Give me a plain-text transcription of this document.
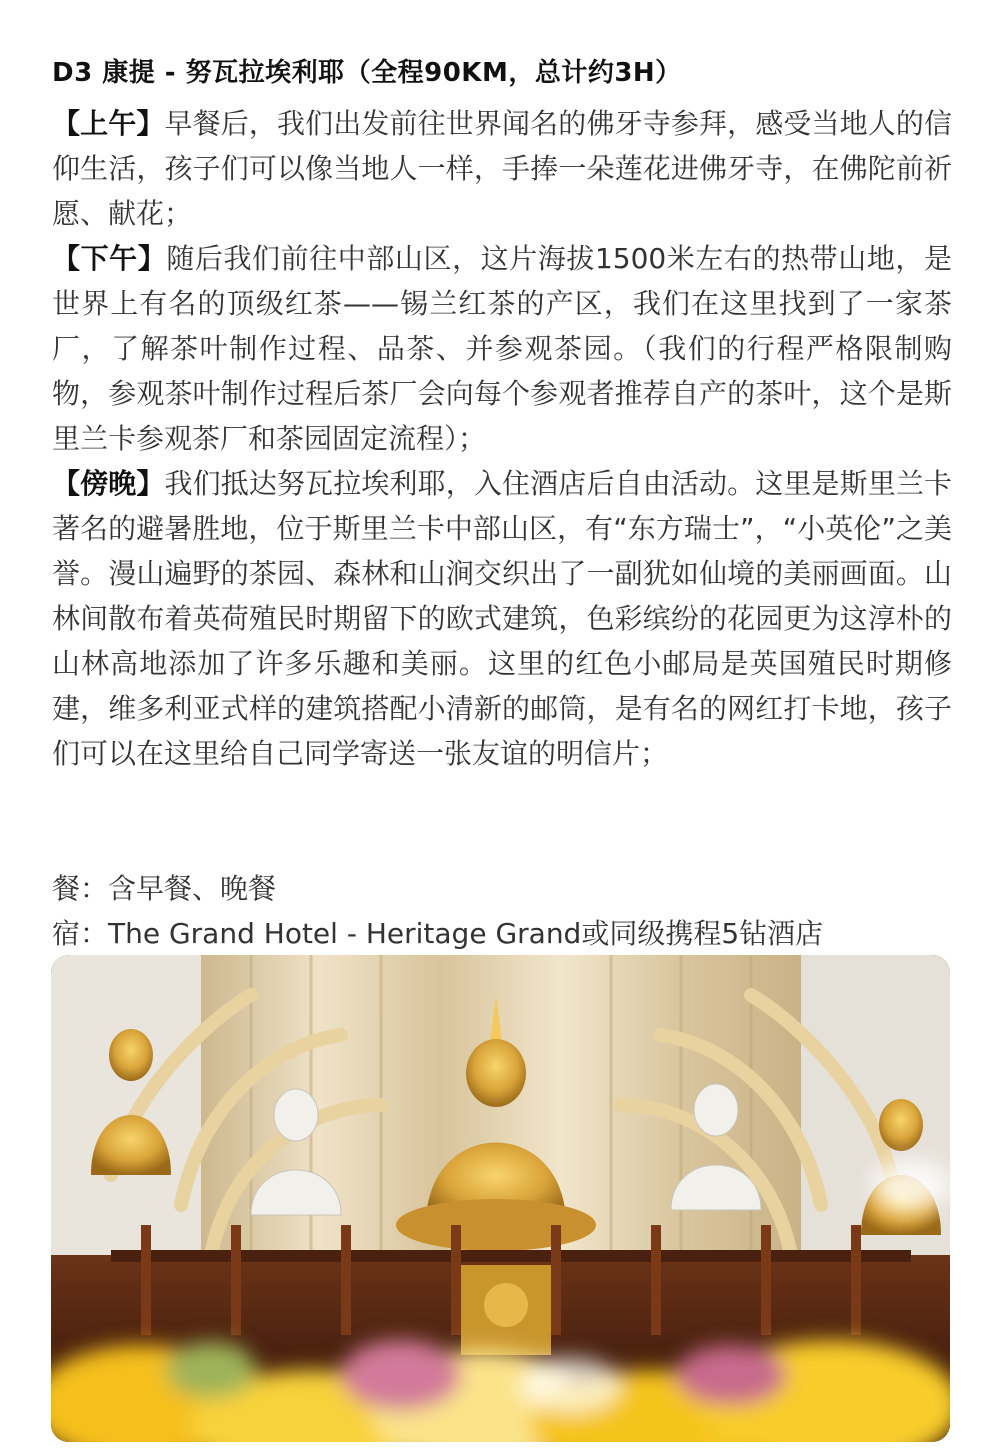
D3 康提 - 努瓦拉埃利耶（全程90KM，总计约3H）
【上午】早餐后，我们出发前往世界闻名的佛牙寺参拜，感受当地人的信仰生活，孩子们可以像当地人一样，手捧一朵莲花进佛牙寺，在佛陀前祈愿、献花；
【下午】随后我们前往中部山区，这片海拔1500米左右的热带山地，是世界上有名的顶级红茶——锡兰红茶的产区，我们在这里找到了一家茶厂，了解茶叶制作过程、品茶、并参观茶园。（我们的行程严格限制购物，参观茶叶制作过程后茶厂会向每个参观者推荐自产的茶叶，这个是斯里兰卡参观茶厂和茶园固定流程）；
【傍晚】我们抵达努瓦拉埃利耶，入住酒店后自由活动。这里是斯里兰卡著名的避暑胜地，位于斯里兰卡中部山区，有“东方瑞士”，“小英伦”之美誉。漫山遍野的茶园、森林和山涧交织出了一副犹如仙境的美丽画面。山林间散布着英荷殖民时期留下的欧式建筑，色彩缤纷的花园更为这淳朴的山林高地添加了许多乐趣和美丽。这里的红色小邮局是英国殖民时期修建，维多利亚式样的建筑搭配小清新的邮筒，是有名的网红打卡地，孩子们可以在这里给自己同学寄送一张友谊的明信片；
餐：含早餐、晚餐
宿：The Grand Hotel - Heritage Grand或同级携程5钻酒店
